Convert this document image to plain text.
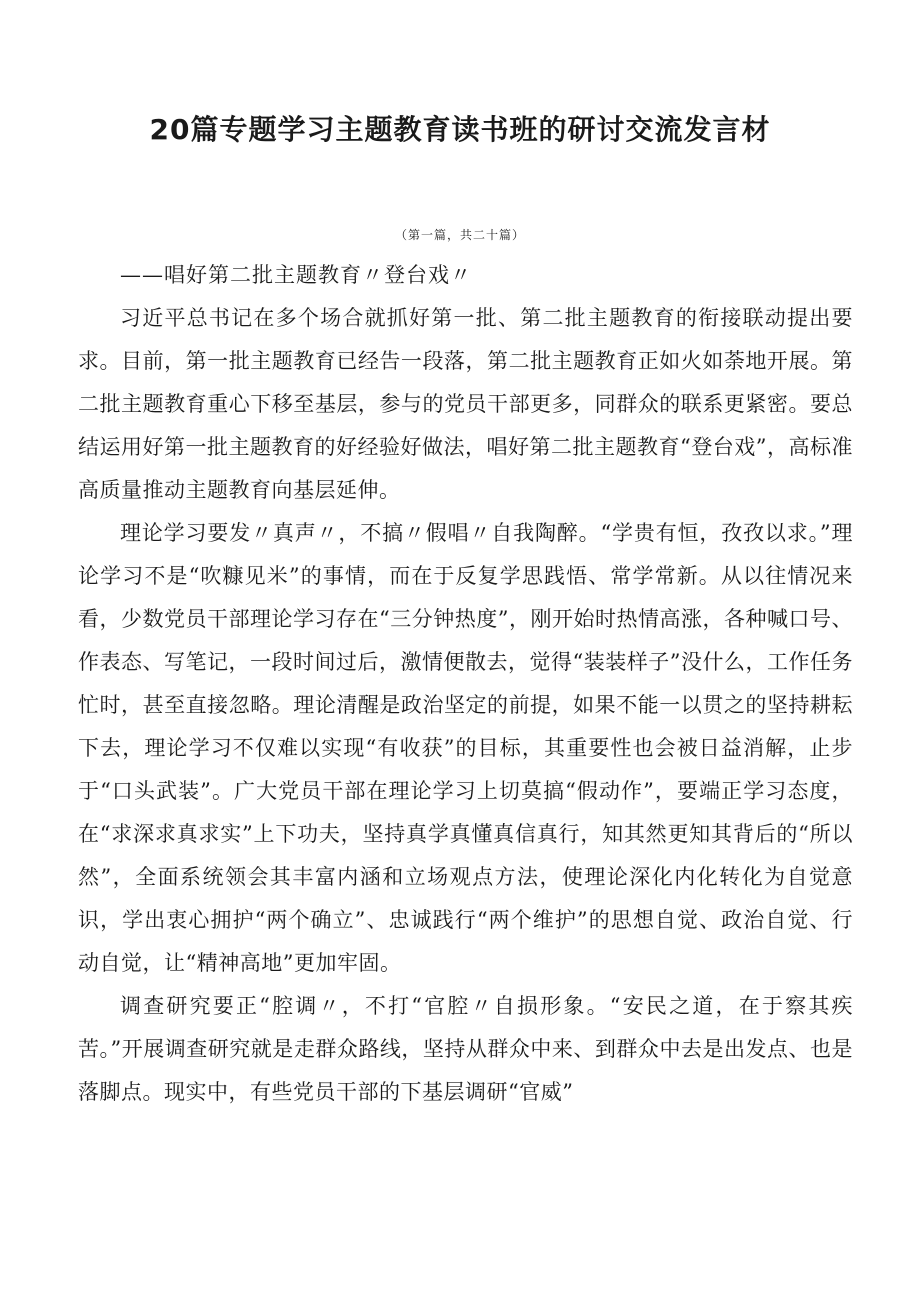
20篇专题学习主题教育读书班的研讨交流发言材
（第一篇，共二十篇）

——唱好第二批主题教育〃登台戏〃

习近平总书记在多个场合就抓好第一批、第二批主题教育的衔接联动提出要求。目前，第一批主题教育已经告一段落，第二批主题教育正如火如荼地开展。第二批主题教育重心下移至基层，参与的党员干部更多，同群众的联系更紧密。要总结运用好第一批主题教育的好经验好做法，唱好第二批主题教育“登台戏”，高标准高质量推动主题教育向基层延伸。

理论学习要发〃真声〃，不搞〃假唱〃自我陶醉。“学贵有恒，孜孜以求。”理论学习不是“吹糠见米”的事情，而在于反复学思践悟、常学常新。从以往情况来看，少数党员干部理论学习存在“三分钟热度”，刚开始时热情高涨，各种喊口号、作表态、写笔记，一段时间过后，激情便散去，觉得“装装样子”没什么，工作任务忙时，甚至直接忽略。理论清醒是政治坚定的前提，如果不能一以贯之的坚持耕耘下去，理论学习不仅难以实现“有收获”的目标，其重要性也会被日益消解，止步于“口头武装”。广大党员干部在理论学习上切莫搞“假动作”，要端正学习态度，在“求深求真求实”上下功夫，坚持真学真懂真信真行，知其然更知其背后的“所以然”，全面系统领会其丰富内涵和立场观点方法，使理论深化内化转化为自觉意识，学出衷心拥护“两个确立”、忠诚践行“两个维护”的思想自觉、政治自觉、行动自觉，让“精神高地”更加牢固。

调查研究要正“腔调〃，不打“官腔〃自损形象。“安民之道，在于察其疾苦。”开展调查研究就是走群众路线，坚持从群众中来、到群众中去是出发点、也是落脚点。现实中，有些党员干部的下基层调研“官威”
